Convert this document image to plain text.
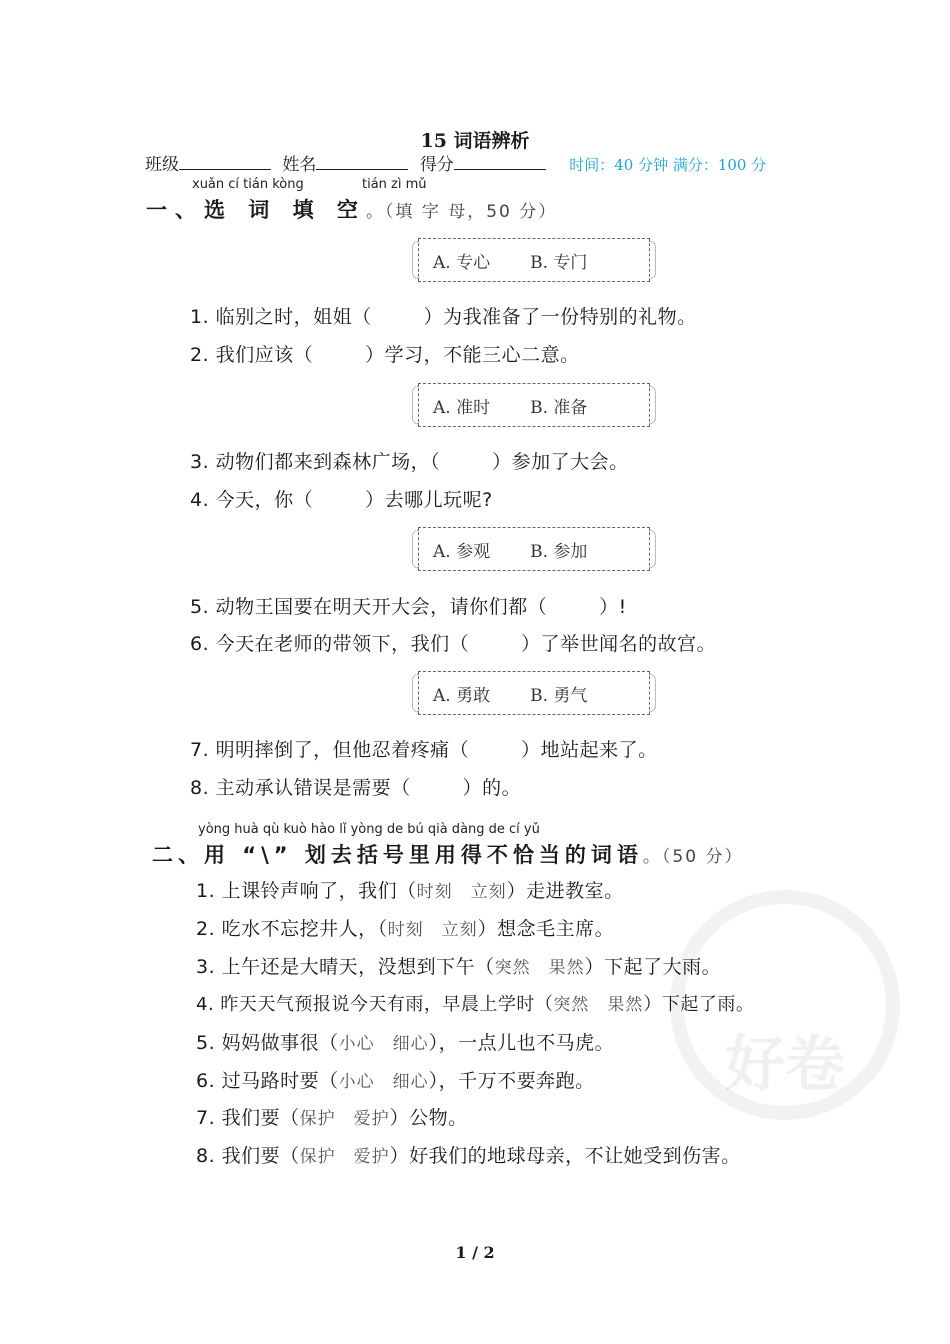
好卷
15 词语辨析
班级	姓名	得分	时间：40 分钟 满分：100 分
xuǎn cí tián kòng	tián zì mǔ
一、选 词 填 空。（填 字 母，50 分）
A. 专心 B. 专门
1. 临别之时，姐姐（	）为我准备了一份特别的礼物。
2. 我们应该（	）学习，不能三心二意。
A. 准时 B. 准备
3. 动物们都来到森林广场，（	）参加了大会。
4. 今天，你（	）去哪儿玩呢?
A. 参观 B. 参加
5. 动物王国要在明天开大会，请你们都（	）!
6. 今天在老师的带领下，我们（	）了举世闻名的故宫。
A. 勇敢 B. 勇气
7. 明明摔倒了，但他忍着疼痛（	）地站起来了。
8. 主动承认错误是需要（	）的。
yòng huà qù kuò hào lǐ yòng de bú qià dàng de cí yǔ
二、用 “\” 划去括号里用得不恰当的词语。（50 分）
1. 上课铃声响了，我们（时刻　立刻）走进教室。
2. 吃水不忘挖井人，（时刻　立刻）想念毛主席。
3. 上午还是大晴天，没想到下午（突然　果然）下起了大雨。
4. 昨天天气预报说今天有雨，早晨上学时（突然　果然）下起了雨。
5. 妈妈做事很（小心　细心），一点儿也不马虎。
6. 过马路时要（小心　细心），千万不要奔跑。
7. 我们要（保护　爱护）公物。
8. 我们要（保护　爱护）好我们的地球母亲，不让她受到伤害。
1 / 2
